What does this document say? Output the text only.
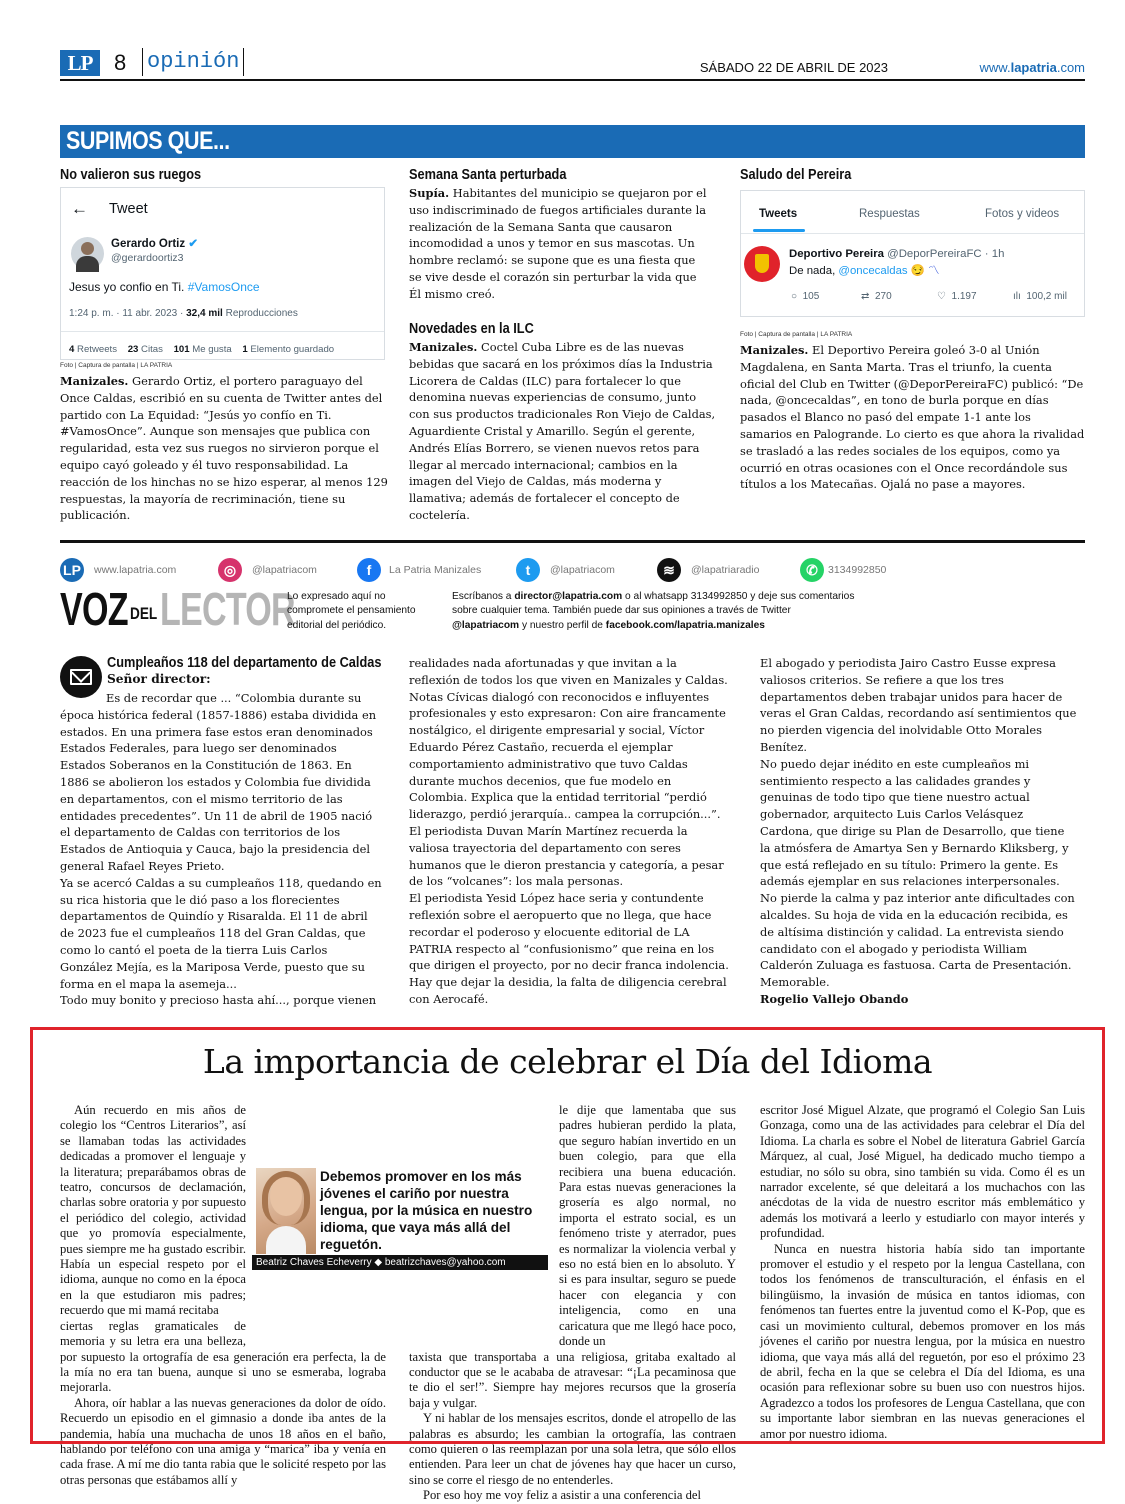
LP 8 opinión	SÁBADO 22 DE ABRIL DE 2023	www.lapatria.com
SUPIMOS QUE...
No valieron sus ruegos
← Tweet
Gerardo Ortiz ✔
@gerardoortiz3
Jesus yo confio en Ti. #VamosOnce
1:24 p. m. · 11 abr. 2023 · 32,4 mil Reproducciones
4 Retweets 23 Citas 101 Me gusta 1 Elemento guardado
Foto | Captura de pantalla | LA PATRIA
Manizales. Gerardo Ortiz, el portero paraguayo del Once Caldas, escribió en su cuenta de Twitter antes del partido con La Equidad: “Jesús yo confío en Ti. #VamosOnce”. Aunque son mensajes que publica con regularidad, esta vez sus ruegos no sirvieron porque el equipo cayó goleado y él tuvo responsabilidad. La reacción de los hinchas no se hizo esperar, al menos 129 respuestas, la mayoría de recriminación, tiene su publicación.
Semana Santa perturbada
Supía. Habitantes del municipio se quejaron por el uso indiscriminado de fuegos artificiales durante la realización de la Semana Santa que causaron incomodidad a unos y temor en sus mascotas. Un hombre reclamó: se supone que es una fiesta que se vive desde el corazón sin perturbar la vida que Él mismo creó.
Novedades en la ILC
Manizales. Coctel Cuba Libre es de las nuevas bebidas que sacará en los próximos días la Industria Licorera de Caldas (ILC) para fortalecer lo que denomina nuevas experiencias de consumo, junto con sus productos tradicionales Ron Viejo de Caldas, Aguardiente Cristal y Amarillo. Según el gerente, Andrés Elías Borrero, se vienen nuevos retos para llegar al mercado internacional; cambios en la imagen del Viejo de Caldas, más moderna y llamativa; además de fortalecer el concepto de coctelería.
Saludo del Pereira
Tweets	Respuestas	Fotos y videos
Deportivo Pereira @DeporPereiraFC · 1h
De nada, @oncecaldas 😏 〽
○ 105	⇄ 270	♡ 1.197	ılı 100,2 mil
Foto | Captura de pantalla | LA PATRIA
Manizales. El Deportivo Pereira goleó 3-0 al Unión Magdalena, en Santa Marta. Tras el triunfo, la cuenta oficial del Club en Twitter (@DeporPereiraFC) publicó: “De nada, @oncecaldas”, en tono de burla porque en días pasados el Blanco no pasó del empate 1-1 ante los samarios en Palogrande. Lo cierto es que ahora la rivalidad se trasladó a las redes sociales de los equipos, como ya ocurrió en otras ocasiones con el Once recordándole sus títulos a los Matecañas. Ojalá no pase a mayores.
LP www.lapatria.com	◎	@lapatriacom	f	La Patria Manizales	t	@lapatriacom	≋	@lapatriaradio	✆ 3134992850
VOZ DEL LECTOR
Lo expresado aquí no compromete el pensamiento editorial del periódico.
Escríbanos a director@lapatria.com o al whatsapp 3134992850 y deje sus comentarios sobre cualquier tema. También puede dar sus opiniones a través de Twitter @lapatriacom y nuestro perfil de facebook.com/lapatria.manizales
Cumpleaños 118 del departamento de Caldas
Señor director:

Es de recordar que ... “Colombia durante su época histórica federal (1857-1886) estaba dividida en estados. En una primera fase estos eran denominados Estados Federales, para luego ser denominados Estados Soberanos en la Constitución de 1863. En 1886 se abolieron los estados y Colombia fue dividida en departamentos, con el mismo territorio de las entidades precedentes”. Un 11 de abril de 1905 nació el departamento de Caldas con territorios de los Estados de Antioquia y Cauca, bajo la presidencia del general Rafael Reyes Prieto.

Ya se acercó Caldas a su cumpleaños 118, quedando en su rica historia que le dió paso a los florecientes departamentos de Quindío y Risaralda. El 11 de abril de 2023 fue el cumpleaños 118 del Gran Caldas, que como lo cantó el poeta de la tierra Luis Carlos González Mejía, es la Mariposa Verde, puesto que su forma en el mapa la asemeja...

Todo muy bonito y precioso hasta ahí..., porque vienen

realidades nada afortunadas y que invitan a la reflexión de todos los que viven en Manizales y Caldas. Notas Cívicas dialogó con reconocidos e influyentes profesionales y esto expresaron: Con aire francamente nostálgico, el dirigente empresarial y social, Víctor Eduardo Pérez Castaño, recuerda el ejemplar comportamiento administrativo que tuvo Caldas durante muchos decenios, que fue modelo en Colombia. Explica que la entidad territorial “perdió liderazgo, perdió jerarquía.. campea la corrupción...”. El periodista Duvan Marín Martínez recuerda la valiosa trayectoria del departamento con seres humanos que le dieron prestancia y categoría, a pesar de los “volcanes”: los mala personas.

El periodista Yesid López hace seria y contundente reflexión sobre el aeropuerto que no llega, que hace recordar el poderoso y elocuente editorial de LA PATRIA respecto al “confusionismo” que reina en los que dirigen el proyecto, por no decir franca indolencia. Hay que dejar la desidia, la falta de diligencia cerebral con Aerocafé.

El abogado y periodista Jairo Castro Eusse expresa valiosos criterios. Se refiere a que los tres departamentos deben trabajar unidos para hacer de veras el Gran Caldas, recordando así sentimientos que no pierden vigencia del inolvidable Otto Morales Benítez.

No puedo dejar inédito en este cumpleaños mi sentimiento respecto a las calidades grandes y genuinas de todo tipo que tiene nuestro actual gobernador, arquitecto Luis Carlos Velásquez Cardona, que dirige su Plan de Desarrollo, que tiene la atmósfera de Amartya Sen y Bernardo Kliksberg, y que está reflejado en su título: Primero la gente. Es además ejemplar en sus relaciones interpersonales. No pierde la calma y paz interior ante dificultades con alcaldes. Su hoja de vida en la educación recibida, es de altísima distinción y calidad. La entrevista siendo candidato con el abogado y periodista William Calderón Zuluaga es fastuosa. Carta de Presentación. Memorable.

Rogelio Vallejo Obando

La importancia de celebrar el Día del Idioma

Aún recuerdo en mis años de colegio los “Centros Literarios”, así se llamaban todas las actividades dedicadas a promover el lenguaje y la literatura; preparábamos obras de teatro, concursos de declamación, charlas sobre oratoria y por supuesto el periódico del colegio, actividad que yo promovía especialmente, pues siempre me ha gustado escribir. Había un especial respeto por el idioma, aunque no como en la época en la que estudiaron mis padres; recuerdo que mi mamá recitaba

ciertas reglas gramaticales de memoria y su letra era una belleza, por supuesto la ortografía de esa generación era perfecta, la de la mía no era tan buena, aunque si uno se esmeraba, lograba mejorarla.

Ahora, oír hablar a las nuevas generaciones da dolor de oído. Recuerdo un episodio en el gimnasio a donde iba antes de la pandemia, había una muchacha de unos 18 años en el baño, hablando por teléfono con una amiga y “marica” iba y venía en cada frase. A mí me dio tanta rabia que le solicité respeto por las otras personas que estábamos allí y

Debemos promover en los más jóvenes el cariño por nuestra lengua, por la música en nuestro idioma, que vaya más allá del reguetón.
Beatriz Chaves Echeverry ◆ beatrizchaves@yahoo.com

le dije que lamentaba que sus padres hubieran perdido la plata, que seguro habían invertido en un buen colegio, para que ella recibiera una buena educación. Para estas nuevas generaciones la grosería es algo normal, no importa el estrato social, es un fenómeno triste y aterrador, pues es normalizar la violencia verbal y eso no está bien en lo absoluto. Y si es para insultar, seguro se puede hacer con elegancia y con inteligencia, como en una caricatura que me llegó hace poco, donde un

taxista que transportaba a una religiosa, gritaba exaltado al conductor que se le acababa de atravesar: “¡La pecaminosa que te dio el ser!”. Siempre hay mejores recursos que la grosería baja y vulgar.

Y ni hablar de los mensajes escritos, donde el atropello de las palabras es absurdo; les cambian la ortografía, las contraen como quieren o las reemplazan por una sola letra, que sólo ellos entienden. Para leer un chat de jóvenes hay que hacer un curso, sino se corre el riesgo de no entenderles.

Por eso hoy me voy feliz a asistir a una conferencia del

escritor José Miguel Alzate, que programó el Colegio San Luis Gonzaga, como una de las actividades para celebrar el Día del Idioma. La charla es sobre el Nobel de literatura Gabriel García Márquez, al cual, José Miguel, ha dedicado mucho tiempo a estudiar, no sólo su obra, sino también su vida. Como él es un narrador excelente, sé que deleitará a los muchachos con las anécdotas de la vida de nuestro escritor más emblemático y además los motivará a leerlo y estudiarlo con mayor interés y profundidad.

Nunca en nuestra historia había sido tan importante promover el estudio y el respeto por la lengua Castellana, con todos los fenómenos de transculturación, el énfasis en el bilingüismo, la invasión de música en tantos idiomas, con fenómenos tan fuertes entre la juventud como el K-Pop, que es casi un movimiento cultural, debemos promover en los más jóvenes el cariño por nuestra lengua, por la música en nuestro idioma, que vaya más allá del reguetón, por eso el próximo 23 de abril, fecha en la que se celebra el Día del Idioma, es una ocasión para reflexionar sobre su buen uso con nuestros hijos. Agradezco a todos los profesores de Lengua Castellana, que con su importante labor siembran en las nuevas generaciones el amor por nuestro idioma.
